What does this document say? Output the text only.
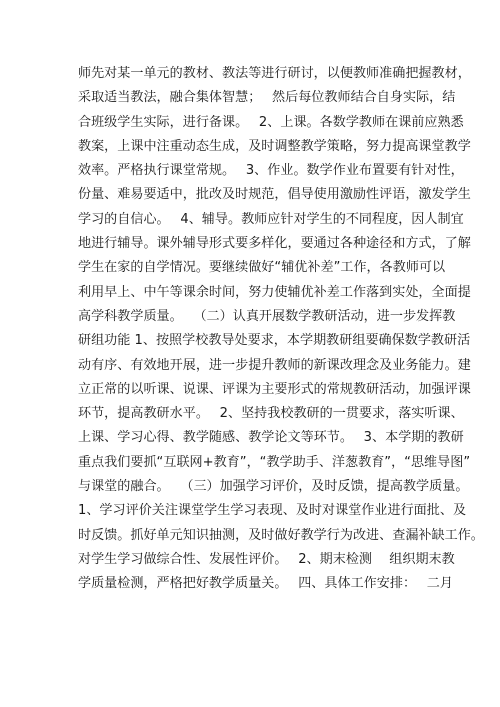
师先对某一单元的教材、教法等进行研讨，以便教师准确把握教材，
采取适当教法，融合集体智慧；　 然后每位教师结合自身实际，结
合班级学生实际，进行备课。　 2、上课。各数学教师在课前应熟悉
教案，上课中注重动态生成，及时调整教学策略，努力提高课堂教学
效率。严格执行课堂常规。　 3、作业。数学作业布置要有针对性，
份量、难易要适中，批改及时规范，倡导使用激励性评语，激发学生
学习的自信心。　 4、辅导。教师应针对学生的不同程度，因人制宜
地进行辅导。课外辅导形式要多样化，要通过各种途径和方式，了解
学生在家的自学情况。要继续做好“辅优补差”工作，各教师可以
利用早上、中午等课余时间，努力使辅优补差工作落到实处，全面提
高学科教学质量。　 （二）认真开展数学教研活动，进一步发挥教
研组功能 1、按照学校教导处要求，本学期教研组要确保数学教研活
动有序、有效地开展，进一步提升教师的新课改理念及业务能力。建
立正常的以听课、说课、评课为主要形式的常规教研活动，加强评课
环节，提高教研水平。　 2、坚持我校教研的一贯要求，落实听课、
上课、学习心得、教学随感、教学论文等环节。　 3、本学期的教研
重点我们要抓“互联网+教育”，“教学助手、洋葱教育”，“思维导图”
与课堂的融合。　 （三）加强学习评价，及时反馈，提高教学质量。
1、学习评价关注课堂学生学习表现、及时对课堂作业进行面批、及
时反馈。抓好单元知识抽测，及时做好教学行为改进、查漏补缺工作。
对学生学习做综合性、发展性评价。　 2、期末检测　 组织期末教
学质量检测，严格把好教学质量关。　 四、具体工作安排：　 二月
